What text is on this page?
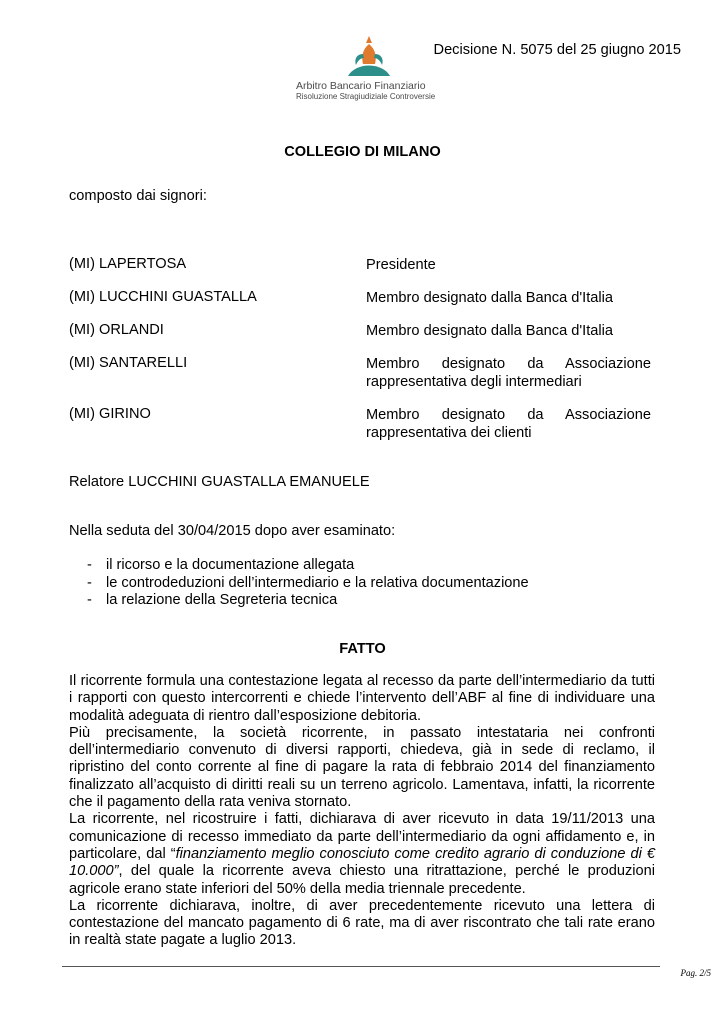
Arbitro Bancario Finanziario
Risoluzione Stragiudiziale Controversie
Decisione N. 5075 del 25 giugno 2015
COLLEGIO DI MILANO
composto dai signori:
(MI) LAPERTOSA	Presidente
(MI) LUCCHINI GUASTALLA	Membro designato dalla Banca d'Italia
(MI) ORLANDI	Membro designato dalla Banca d'Italia
(MI) SANTARELLI	Membro designato da Associazione
rappresentativa degli intermediari
(MI) GIRINO	Membro designato da Associazione
rappresentativa dei clienti
Relatore LUCCHINI GUASTALLA EMANUELE
Nella seduta del 30/04/2015 dopo aver esaminato:
- il ricorso e la documentazione allegata
- le controdeduzioni dell’intermediario e la relativa documentazione
- la relazione della Segreteria tecnica
FATTO

Il ricorrente formula una contestazione legata al recesso da parte dell’intermediario da tutti i rapporti con questo intercorrenti e chiede l’intervento dell’ABF al fine di individuare una modalità adeguata di rientro dall’esposizione debitoria.

Più precisamente, la società ricorrente, in passato intestataria nei confronti dell’intermediario convenuto di diversi rapporti, chiedeva, già in sede di reclamo, il ripristino del conto corrente al fine di pagare la rata di febbraio 2014 del finanziamento finalizzato all’acquisto di diritti reali su un terreno agricolo. Lamentava, infatti, la ricorrente che il pagamento della rata veniva stornato.

La ricorrente, nel ricostruire i fatti, dichiarava di aver ricevuto in data 19/11/2013 una comunicazione di recesso immediato da parte dell’intermediario da ogni affidamento e, in particolare, dal “finanziamento meglio conosciuto come credito agrario di conduzione di € 10.000”, del quale la ricorrente aveva chiesto una ritrattazione, perché le produzioni agricole erano state inferiori del 50% della media triennale precedente.

La ricorrente dichiarava, inoltre, di aver precedentemente ricevuto una lettera di contestazione del mancato pagamento di 6 rate, ma di aver riscontrato che tali rate erano in realtà state pagate a luglio 2013.

Pag. 2/5
